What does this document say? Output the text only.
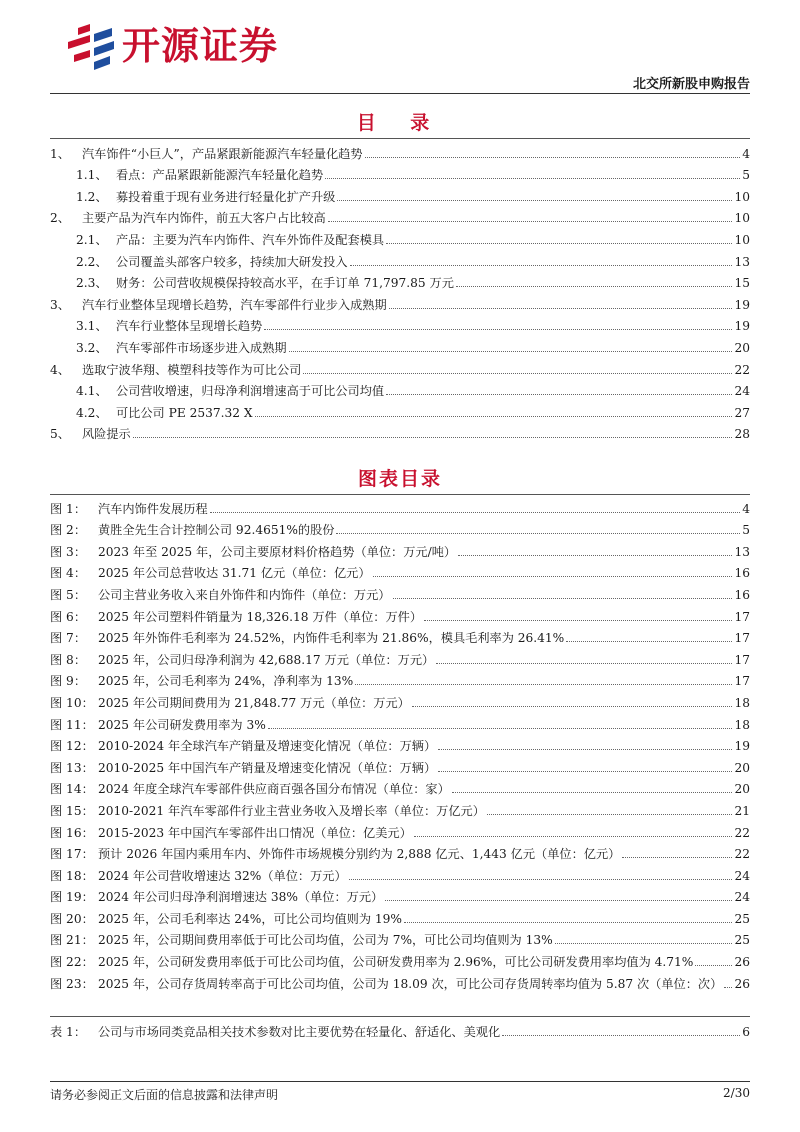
开源证券
北交所新股申购报告
目 录
1、 汽车饰件“小巨人”，产品紧跟新能源汽车轻量化趋势	4
1.1、 看点：产品紧跟新能源汽车轻量化趋势	5
1.2、 募投着重于现有业务进行轻量化扩产升级	10
2、 主要产品为汽车内饰件，前五大客户占比较高	10
2.1、 产品：主要为汽车内饰件、汽车外饰件及配套模具	10
2.2、 公司覆盖头部客户较多，持续加大研发投入	13
2.3、 财务：公司营收规模保持较高水平，在手订单 71,797.85 万元	15
3、 汽车行业整体呈现增长趋势，汽车零部件行业步入成熟期	19
3.1、 汽车行业整体呈现增长趋势	19
3.2、 汽车零部件市场逐步进入成熟期	20
4、 选取宁波华翔、模塑科技等作为可比公司	22
4.1、 公司营收增速，归母净利润增速高于可比公司均值	24
4.2、 可比公司 PE 2537.32 X	27
5、 风险提示	28
图表目录
图 1： 汽车内饰件发展历程	4
图 2： 黄胜全先生合计控制公司 92.4651%的股份	5
图 3： 2023 年至 2025 年，公司主要原材料价格趋势（单位：万元/吨）	13
图 4： 2025 年公司总营收达 31.71 亿元（单位：亿元）	16
图 5： 公司主营业务收入来自外饰件和内饰件（单位：万元）	16
图 6： 2025 年公司塑料件销量为 18,326.18 万件（单位：万件）	17
图 7： 2025 年外饰件毛利率为 24.52%，内饰件毛利率为 21.86%，模具毛利率为 26.41%	17
图 8： 2025 年，公司归母净利润为 42,688.17 万元（单位：万元）	17
图 9： 2025 年，公司毛利率为 24%，净利率为 13%	17
图 10： 2025 年公司期间费用为 21,848.77 万元（单位：万元）	18
图 11： 2025 年公司研发费用率为 3%	18
图 12： 2010-2024 年全球汽车产销量及增速变化情况（单位：万辆）	19
图 13： 2010-2025 年中国汽车产销量及增速变化情况（单位：万辆）	20
图 14： 2024 年度全球汽车零部件供应商百强各国分布情况（单位：家）	20
图 15： 2010-2021 年汽车零部件行业主营业务收入及增长率（单位：万亿元）	21
图 16： 2015-2023 年中国汽车零部件出口情况（单位：亿美元）	22
图 17： 预计 2026 年国内乘用车内、外饰件市场规模分别约为 2,888 亿元、1,443 亿元（单位：亿元）	22
图 18： 2024 年公司营收增速达 32%（单位：万元）	24
图 19： 2024 年公司归母净利润增速达 38%（单位：万元）	24
图 20： 2025 年，公司毛利率达 24%，可比公司均值则为 19%	25
图 21： 2025 年，公司期间费用率低于可比公司均值，公司为 7%，可比公司均值则为 13%	25
图 22： 2025 年，公司研发费用率低于可比公司均值，公司研发费用率为 2.96%，可比公司研发费用率均值为 4.71%	26
图 23： 2025 年，公司存货周转率高于可比公司均值，公司为 18.09 次，可比公司存货周转率均值为 5.87 次（单位：次） 26
表 1： 公司与市场同类竞品相关技术参数对比主要优势在轻量化、舒适化、美观化	6
请务必参阅正文后面的信息披露和法律声明	2/30
